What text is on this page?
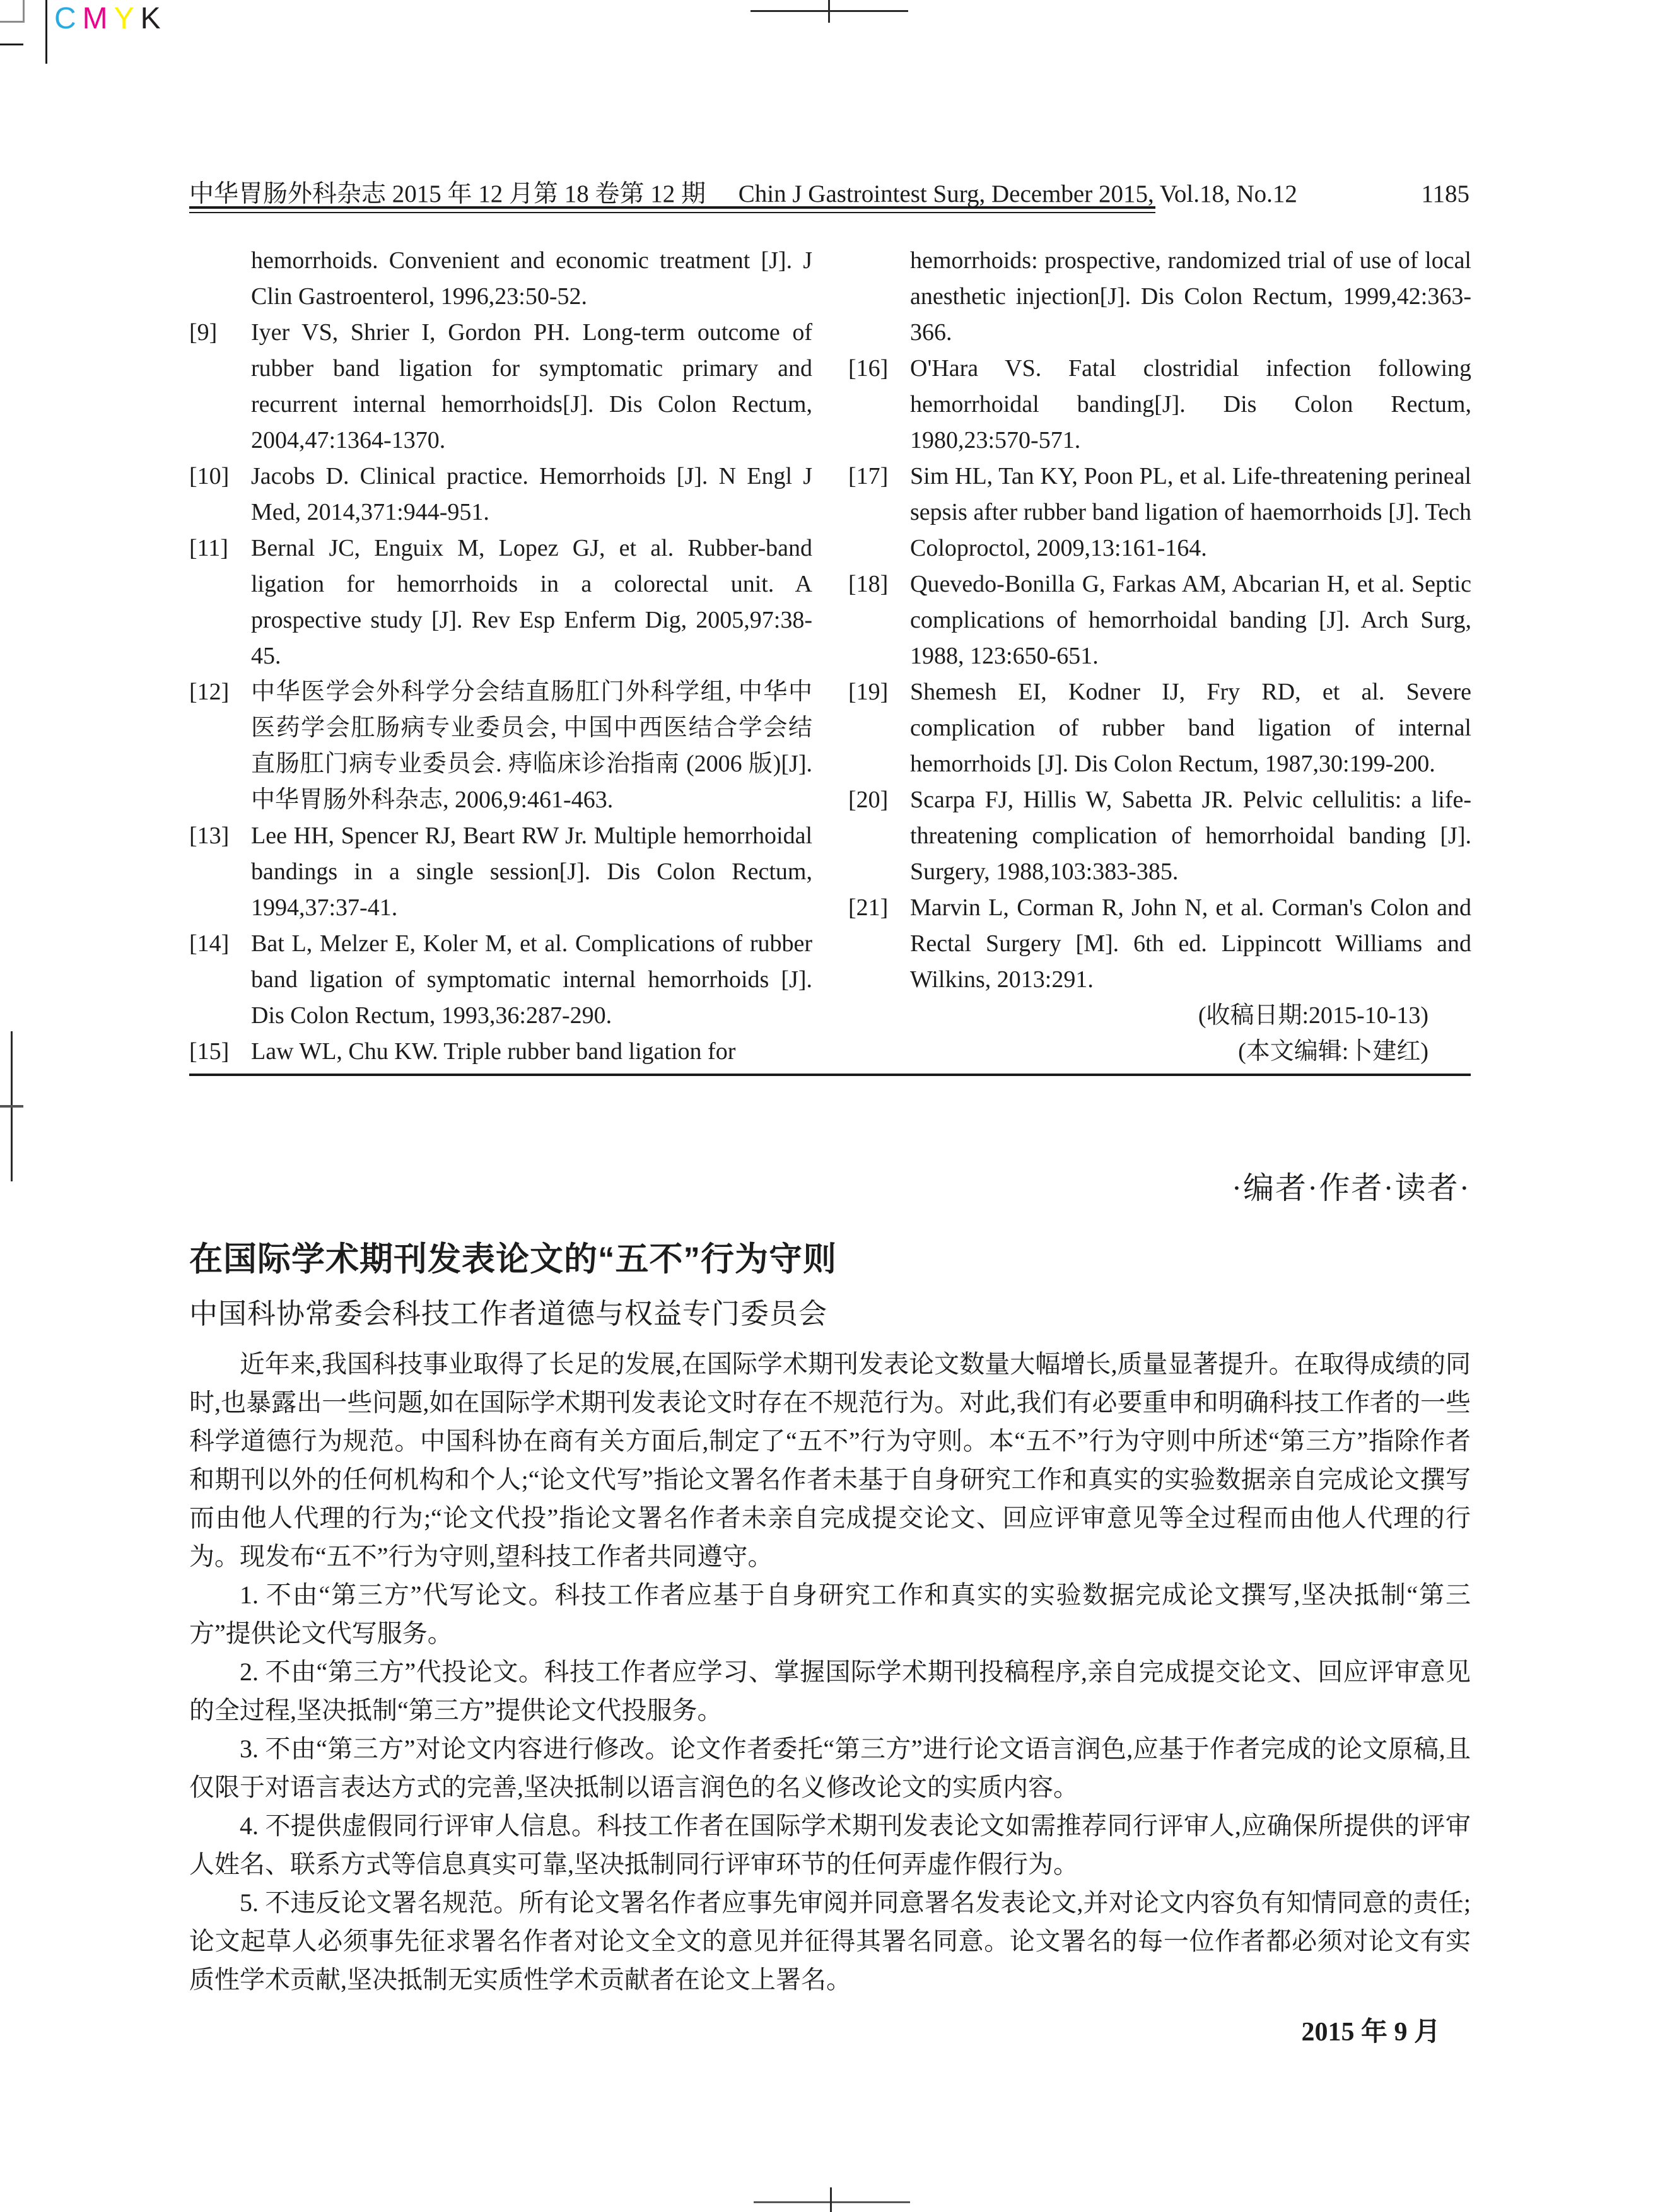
CMYK
中华胃肠外科杂志 2015 年 12 月第 18 卷第 12 期 Chin J Gastrointest Surg, December 2015, Vol.18, No.12	1185
hemorrhoids. Convenient and economic treatment [J]. J Clin Gastroenterol, 1996,23:50-52.
[9]	Iyer VS, Shrier I, Gordon PH. Long-term outcome of rubber band ligation for symptomatic primary and recurrent internal hemorrhoids[J]. Dis Colon Rectum, 2004,47:1364-1370.
[10] Jacobs D. Clinical practice. Hemorrhoids [J]. N Engl J Med, 2014,371:944-951.
[11] Bernal JC, Enguix M, Lopez GJ, et al. Rubber-band ligation for hemorrhoids in a colorectal unit. A prospective study [J]. Rev Esp Enferm Dig, 2005,97:38-45.
[12] 中华医学会外科学分会结直肠肛门外科学组, 中华中医药学会肛肠病专业委员会, 中国中西医结合学会结直肠肛门病专业委员会. 痔临床诊治指南 (2006 版)[J]. 中华胃肠外科杂志, 2006,9:461-463.
[13] Lee HH, Spencer RJ, Beart RW Jr. Multiple hemorrhoidal bandings in a single session[J]. Dis Colon Rectum, 1994,37:37-41.
[14] Bat L, Melzer E, Koler M, et al. Complications of rubber band ligation of symptomatic internal hemorrhoids [J]. Dis Colon Rectum, 1993,36:287-290.
[15] Law WL, Chu KW. Triple rubber band ligation for
hemorrhoids: prospective, randomized trial of use of local anesthetic injection[J]. Dis Colon Rectum, 1999,42:363-366.
[16] O'Hara VS. Fatal clostridial infection following hemorrhoidal banding[J]. Dis Colon Rectum, 1980,23:570-571.
[17] Sim HL, Tan KY, Poon PL, et al. Life-threatening perineal sepsis after rubber band ligation of haemorrhoids [J]. Tech Coloproctol, 2009,13:161-164.
[18] Quevedo-Bonilla G, Farkas AM, Abcarian H, et al. Septic complications of hemorrhoidal banding [J]. Arch Surg, 1988, 123:650-651.
[19] Shemesh EI, Kodner IJ, Fry RD, et al. Severe complication of rubber band ligation of internal hemorrhoids [J]. Dis Colon Rectum, 1987,30:199-200.
[20] Scarpa FJ, Hillis W, Sabetta JR. Pelvic cellulitis: a life-threatening complication of hemorrhoidal banding [J]. Surgery, 1988,103:383-385.
[21] Marvin L, Corman R, John N, et al. Corman's Colon and Rectal Surgery [M]. 6th ed. Lippincott Williams and Wilkins, 2013:291.
(收稿日期:2015-10-13)
(本文编辑:卜建红)
·编者·作者·读者·
在国际学术期刊发表论文的“五不”行为守则
中国科协常委会科技工作者道德与权益专门委员会

近年来,我国科技事业取得了长足的发展,在国际学术期刊发表论文数量大幅增长,质量显著提升。在取得成绩的同时,也暴露出一些问题,如在国际学术期刊发表论文时存在不规范行为。对此,我们有必要重申和明确科技工作者的一些科学道德行为规范。中国科协在商有关方面后,制定了“五不”行为守则。本“五不”行为守则中所述“第三方”指除作者和期刊以外的任何机构和个人;“论文代写”指论文署名作者未基于自身研究工作和真实的实验数据亲自完成论文撰写而由他人代理的行为;“论文代投”指论文署名作者未亲自完成提交论文、回应评审意见等全过程而由他人代理的行为。现发布“五不”行为守则,望科技工作者共同遵守。

1. 不由“第三方”代写论文。科技工作者应基于自身研究工作和真实的实验数据完成论文撰写,坚决抵制“第三方”提供论文代写服务。

2. 不由“第三方”代投论文。科技工作者应学习、掌握国际学术期刊投稿程序,亲自完成提交论文、回应评审意见的全过程,坚决抵制“第三方”提供论文代投服务。

3. 不由“第三方”对论文内容进行修改。论文作者委托“第三方”进行论文语言润色,应基于作者完成的论文原稿,且仅限于对语言表达方式的完善,坚决抵制以语言润色的名义修改论文的实质内容。

4. 不提供虚假同行评审人信息。科技工作者在国际学术期刊发表论文如需推荐同行评审人,应确保所提供的评审人姓名、联系方式等信息真实可靠,坚决抵制同行评审环节的任何弄虚作假行为。

5. 不违反论文署名规范。所有论文署名作者应事先审阅并同意署名发表论文,并对论文内容负有知情同意的责任;论文起草人必须事先征求署名作者对论文全文的意见并征得其署名同意。论文署名的每一位作者都必须对论文有实质性学术贡献,坚决抵制无实质性学术贡献者在论文上署名。

2015 年 9 月
